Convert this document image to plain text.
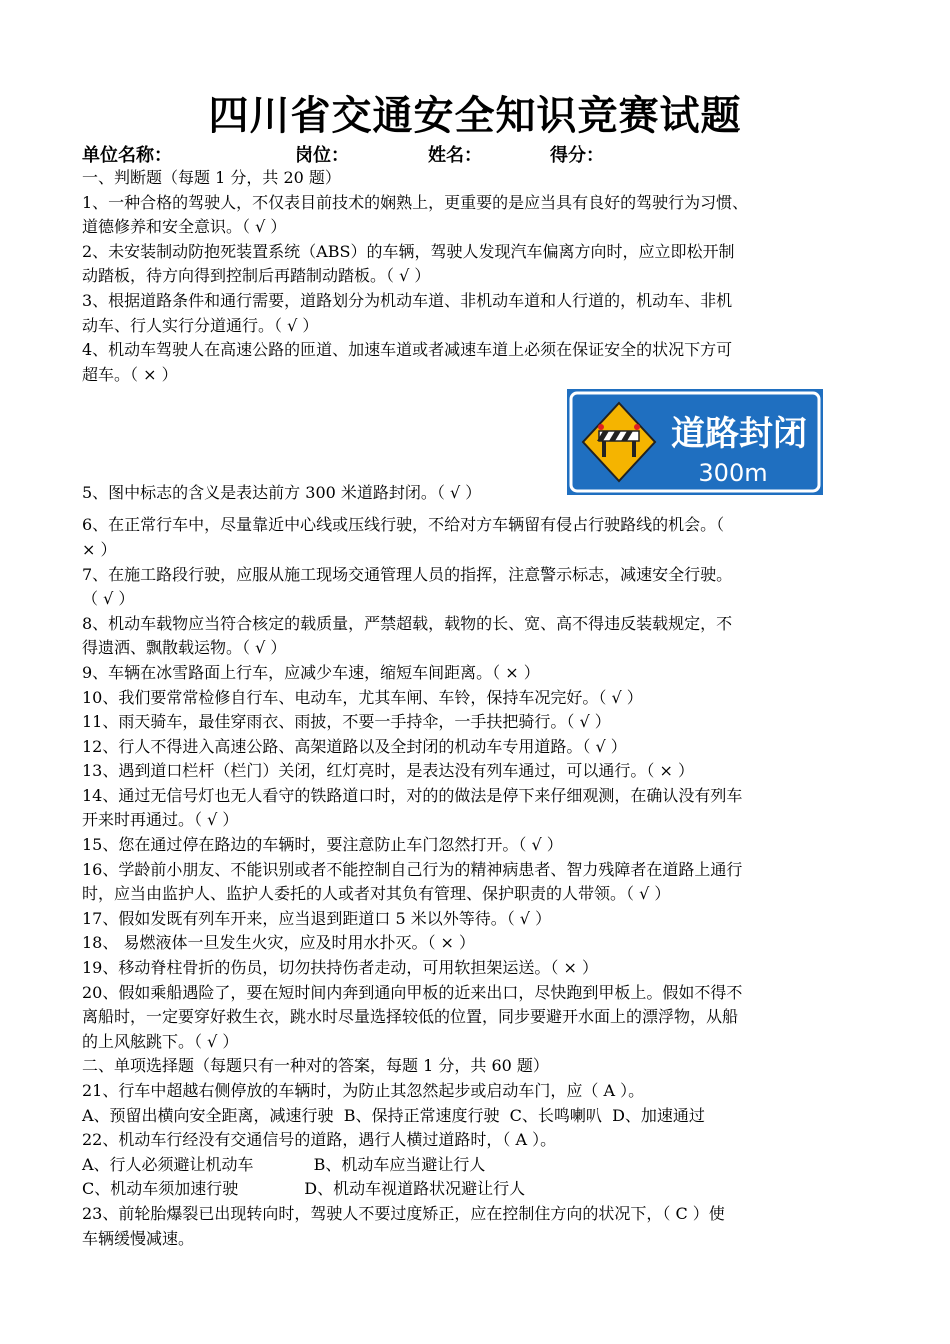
四川省交通安全知识竞赛试题
单位名称：	岗位：	姓名：	得分：
一、判断题（每题 1 分，共 20 题）
1、一种合格的驾驶人，不仅表目前技术的娴熟上，更重要的是应当具有良好的驾驶行为习惯、
道德修养和安全意识。（ √ ）
2、未安装制动防抱死装置系统（ABS）的车辆，驾驶人发现汽车偏离方向时，应立即松开制
动踏板，待方向得到控制后再踏制动踏板。（ √ ）
3、根据道路条件和通行需要，道路划分为机动车道、非机动车道和人行道的，机动车、非机
动车、行人实行分道通行。（ √ ）
4、机动车驾驶人在高速公路的匝道、加速车道或者减速车道上必须在保证安全的状况下方可
超车。（ × ）
5、图中标志的含义是表达前方 300 米道路封闭。（ √ ）
道路封闭
300m
6、在正常行车中，尽量靠近中心线或压线行驶，不给对方车辆留有侵占行驶路线的机会。（
× ）
7、在施工路段行驶，应服从施工现场交通管理人员的指挥，注意警示标志，减速安全行驶。
（ √ ）
8、机动车载物应当符合核定的载质量，严禁超载，载物的长、宽、高不得违反装载规定，不
得遗洒、飘散载运物。（ √ ）
9、车辆在冰雪路面上行车，应减少车速，缩短车间距离。（ × ）
10、我们要常常检修自行车、电动车，尤其车闸、车铃，保持车况完好。（ √ ）
11、雨天骑车，最佳穿雨衣、雨披，不要一手持伞，一手扶把骑行。（ √ ）
12、行人不得进入高速公路、高架道路以及全封闭的机动车专用道路。（ √ ）
13、遇到道口栏杆（栏门）关闭，红灯亮时，是表达没有列车通过，可以通行。（ × ）
14、通过无信号灯也无人看守的铁路道口时，对的的做法是停下来仔细观测，在确认没有列车
开来时再通过。（ √ ）
15、您在通过停在路边的车辆时，要注意防止车门忽然打开。（ √ ）
16、学龄前小朋友、不能识别或者不能控制自己行为的精神病患者、智力残障者在道路上通行
时，应当由监护人、监护人委托的人或者对其负有管理、保护职责的人带领。（ √ ）
17、假如发既有列车开来，应当退到距道口 5 米以外等待。（ √ ）
18、 易燃液体一旦发生火灾，应及时用水扑灭。（ × ）
19、移动脊柱骨折的伤员，切勿扶持伤者走动，可用软担架运送。（ × ）
20、假如乘船遇险了，要在短时间内奔到通向甲板的近来出口，尽快跑到甲板上。假如不得不
离船时，一定要穿好救生衣，跳水时尽量选择较低的位置，同步要避开水面上的漂浮物，从船
的上风舷跳下。（ √ ）
二、单项选择题（每题只有一种对的答案，每题 1 分，共 60 题）
21、行车中超越右侧停放的车辆时，为防止其忽然起步或启动车门，应（ A ）。
A、预留出横向安全距离，减速行驶  B、保持正常速度行驶  C、长鸣喇叭  D、加速通过
22、机动车行经没有交通信号的道路，遇行人横过道路时，（ A ）。
A、行人必须避让机动车	B、机动车应当避让行人
C、机动车须加速行驶	D、机动车视道路状况避让行人
23、前轮胎爆裂已出现转向时，驾驶人不要过度矫正，应在控制住方向的状况下，（ C ）使
车辆缓慢减速。
